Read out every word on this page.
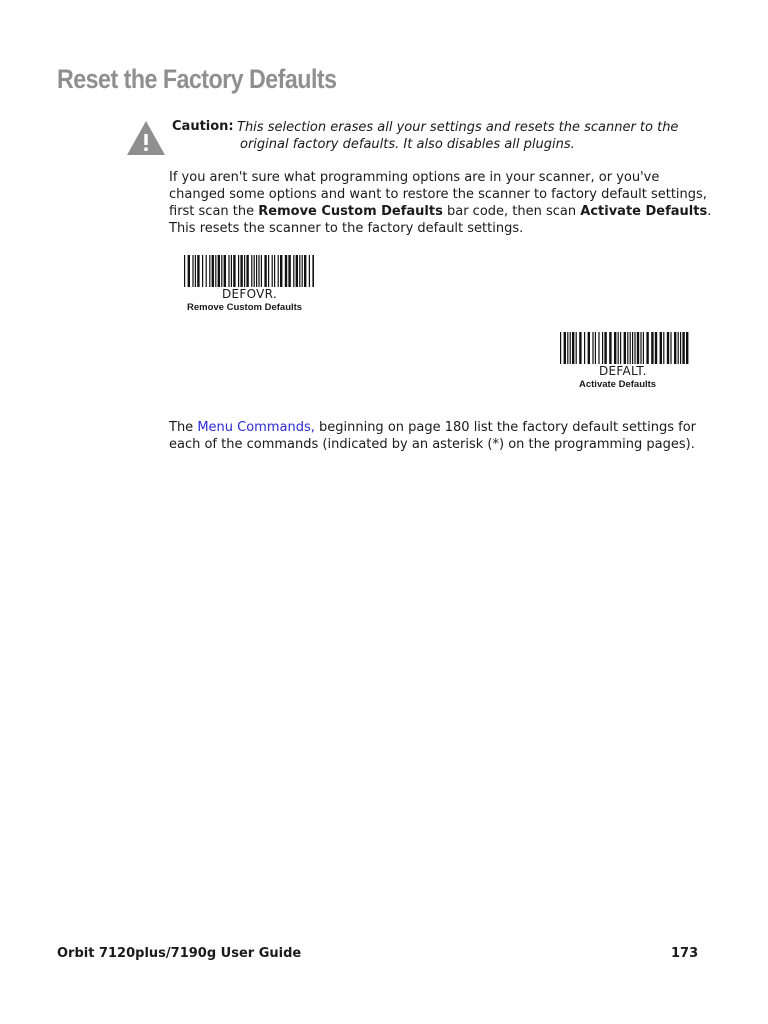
Reset the Factory Defaults
Caution: This selection erases all your settings and resets the scanner to the
original factory defaults. It also disables all plugins.
If you aren't sure what programming options are in your scanner, or you've
changed some options and want to restore the scanner to factory default settings,
first scan the Remove Custom Defaults bar code, then scan Activate Defaults.
This resets the scanner to the factory default settings.
DEFOVR.
Remove Custom Defaults
DEFALT.
Activate Defaults
The Menu Commands, beginning on page 180 list the factory default settings for
each of the commands (indicated by an asterisk (*) on the programming pages).
Orbit 7120plus/7190g User Guide	173
